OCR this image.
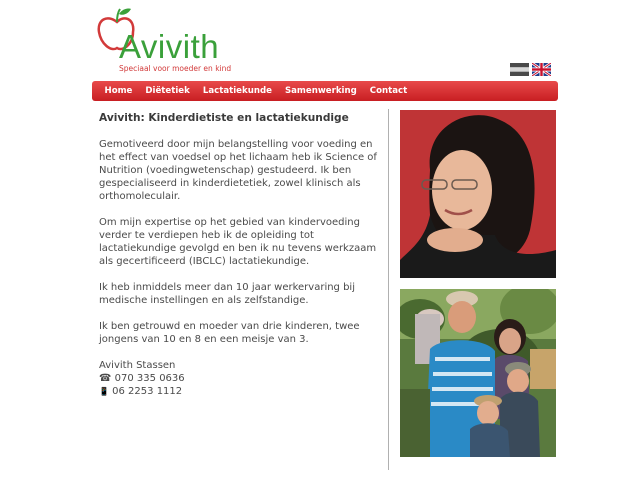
Avivith
Speciaal voor moeder en kind
Home	Diëtetiek	Lactatiekunde	Samenwerking	Contact

Avivith: Kinderdietiste en lactatiekundige

Gemotiveerd door mijn belangstelling voor voeding en het effect van voedsel op het lichaam heb ik Science of Nutrition (voedingwetenschap) gestudeerd. Ik ben gespecialiseerd in kinderdietetiek, zowel klinisch als orthomoleculair.

Om mijn expertise op het gebied van kindervoeding verder te verdiepen heb ik de opleiding tot lactatiekundige gevolgd en ben ik nu tevens werkzaam als gecertificeerd (IBCLC) lactatiekundige.

Ik heb inmiddels meer dan 10 jaar werkervaring bij medische instellingen en als zelfstandige.

Ik ben getrouwd en moeder van drie kinderen, twee jongens van 10 en 8 en een meisje van 3.

Avivith Stassen

☎ 070 335 0636

📱 06 2253 1112
